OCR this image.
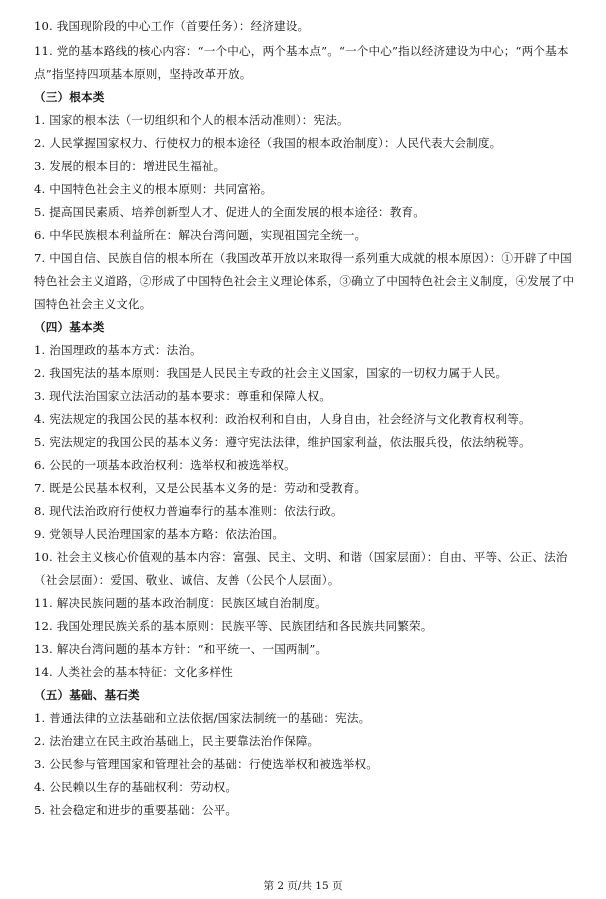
10. 我国现阶段的中心工作（首要任务）：经济建设。
11. 党的基本路线的核心内容：“一个中心，两个基本点”。“一个中心”指以经济建设为中心；“两个基本
点”指坚持四项基本原则，坚持改革开放。
（三）根本类
1. 国家的根本法（一切组织和个人的根本活动准则）：宪法。
2. 人民掌握国家权力、行使权力的根本途径（我国的根本政治制度）：人民代表大会制度。
3. 发展的根本目的：增进民生福祉。
4. 中国特色社会主义的根本原则：共同富裕。
5. 提高国民素质、培养创新型人才、促进人的全面发展的根本途径：教育。
6. 中华民族根本利益所在：解决台湾问题，实现祖国完全统一。
7. 中国自信、民族自信的根本所在（我国改革开放以来取得一系列重大成就的根本原因）：①开辟了中国
特色社会主义道路，②形成了中国特色社会主义理论体系，③确立了中国特色社会主义制度，④发展了中
国特色社会主义文化。
（四）基本类
1. 治国理政的基本方式：法治。
2. 我国宪法的基本原则：我国是人民民主专政的社会主义国家，国家的一切权力属于人民。
3. 现代法治国家立法活动的基本要求：尊重和保障人权。
4. 宪法规定的我国公民的基本权利：政治权利和自由，人身自由，社会经济与文化教育权利等。
5. 宪法规定的我国公民的基本义务：遵守宪法法律，维护国家利益，依法服兵役，依法纳税等。
6. 公民的一项基本政治权利：选举权和被选举权。
7. 既是公民基本权利，又是公民基本义务的是：劳动和受教育。
8. 现代法治政府行使权力普遍奉行的基本准则：依法行政。
9. 党领导人民治理国家的基本方略：依法治国。
10. 社会主义核心价值观的基本内容：富强、民主、文明、和谐（国家层面）：自由、平等、公正、法治
（社会层面）：爱国、敬业、诚信、友善（公民个人层面）。
11. 解决民族问题的基本政治制度：民族区域自治制度。
12. 我国处理民族关系的基本原则：民族平等、民族团结和各民族共同繁荣。
13. 解决台湾问题的基本方针：“和平统一、一国两制”。
14. 人类社会的基本特征：文化多样性
（五）基础、基石类
1. 普通法律的立法基础和立法依据/国家法制统一的基础：宪法。
2. 法治建立在民主政治基础上，民主要靠法治作保障。
3. 公民参与管理国家和管理社会的基础：行使选举权和被选举权。
4. 公民赖以生存的基础权利：劳动权。
5. 社会稳定和进步的重要基础：公平。
第 2 页/共 15 页
